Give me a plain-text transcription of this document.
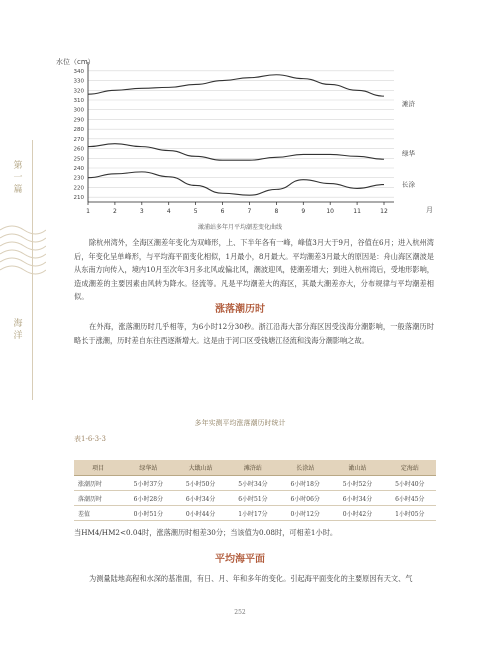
第一篇
海洋
210
220
230
240
250
260
270
280
290
300
310
320
330
340
1	2	3	4	5	6	7	8	9	10	11	12
滩浒
绿华
长涂
水位（cm）
月
澉浦站多年月平均潮差变化曲线
除杭州湾外，全海区潮差年变化为双峰形，上、下半年各有一峰，峰值3月大于9月，谷值在6月；进入杭州湾后，年变化呈单峰形，与平均海平面变化相似，1月最小，8月最大。平均潮差3月最大的原因是：舟山海区潮波是从东南方向传入，境内10月至次年3月多北风或偏北风，潮波迎风，使潮差增大；到进入杭州湾后，受地形影响，造成潮差的主要因素由风转为降水。径流等。凡是平均潮差大的海区，其最大潮差亦大，分布规律与平均潮差相似。
涨落潮历时
在外海，涨落潮历时几乎相等，为6小时12分30秒。浙江沿海大部分海区因受浅海分潮影响，一般落潮历时略长于涨潮，历时差自东往西逐渐增大。这是由于河口区受钱塘江径流和浅海分潮影响之故。
多年实测平均涨落潮历时统计
表1-6-3-3
项目	绿华站	大戢山站	滩浒站	长涂站	澉山站	定海站
涨潮历时	5小时37分	5小时50分	5小时34分	6小时18分	5小时52分	5小时40分
落潮历时	6小时28分	6小时34分	6小时51分	6小时06分	6小时34分	6小时45分
差值	0小时51分	0小时44分	1小时17分	0小时12分	0小时42分	1小时05分
当HM4/HM2<0.04时，涨落潮历时相差30分；当该值为0.08时，可相差1小时。
平均海平面
为测量陆地高程和水深的基准面，有日、月、年和多年的变化。引起海平面变化的主要原因有天文、气
252
